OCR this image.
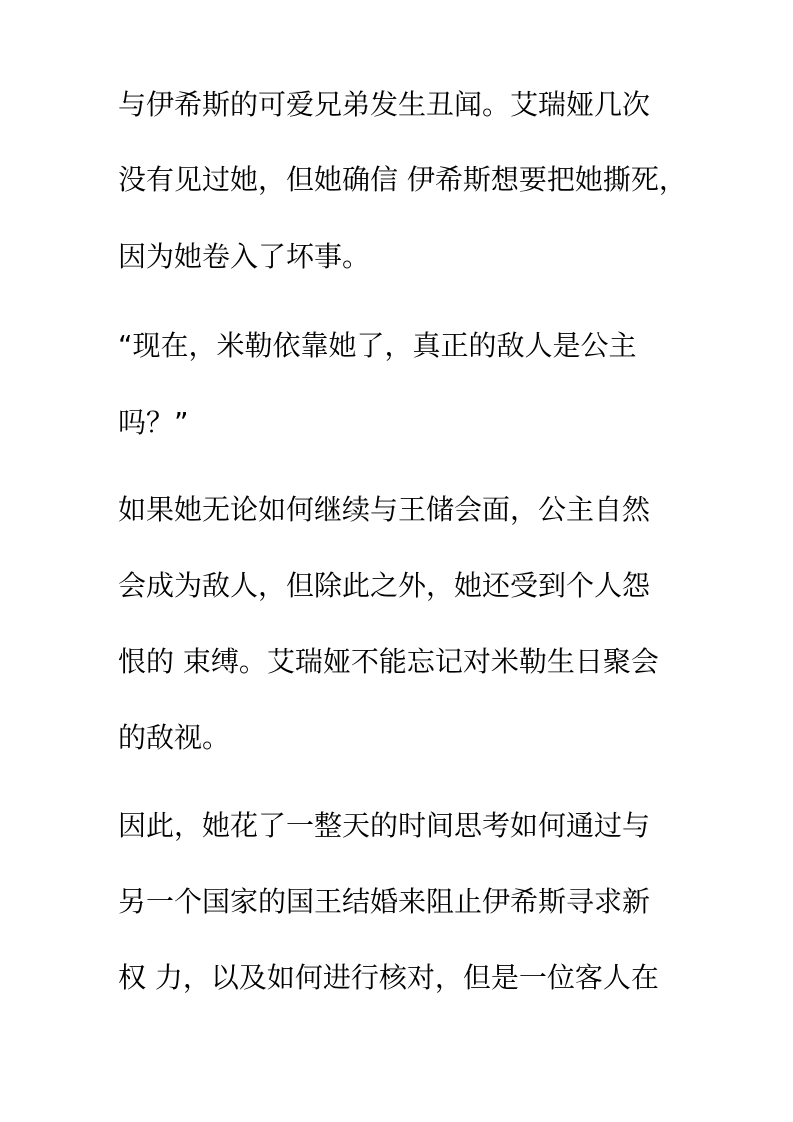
与伊希斯的可爱兄弟发生丑闻。艾瑞娅几次
没有见过她，但她确信 伊希斯想要把她撕死，
因为她卷入了坏事。
“现在，米勒依靠她了，真正的敌人是公主
吗？”
如果她无论如何继续与王储会面，公主自然
会成为敌人，但除此之外，她还受到个人怨
恨的 束缚。艾瑞娅不能忘记对米勒生日聚会
的敌视。
因此，她花了一整天的时间思考如何通过与
另一个国家的国王结婚来阻止伊希斯寻求新
权 力，以及如何进行核对，但是一位客人在
